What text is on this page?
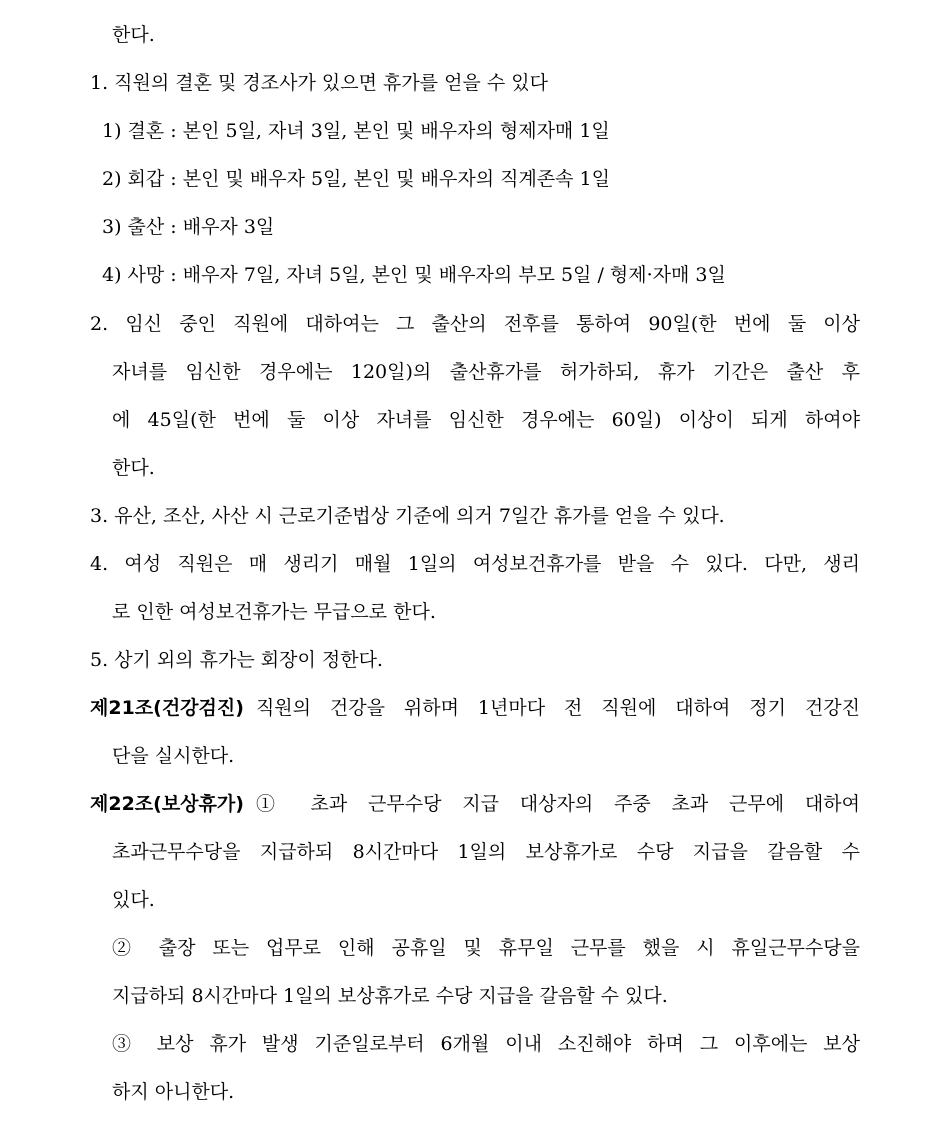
한다.
1. 직원의 결혼 및 경조사가 있으면 휴가를 얻을 수 있다
1) 결혼 : 본인 5일, 자녀 3일, 본인 및 배우자의 형제자매 1일
2) 회갑 : 본인 및 배우자 5일, 본인 및 배우자의 직계존속 1일
3) 출산 : 배우자 3일
4) 사망 : 배우자 7일, 자녀 5일, 본인 및 배우자의 부모 5일 / 형제·자매 3일
2. 임신 중인 직원에 대하여는 그 출산의 전후를 통하여 90일(한 번에 둘 이상
자녀를 임신한 경우에는 120일)의 출산휴가를 허가하되, 휴가 기간은 출산 후
에 45일(한 번에 둘 이상 자녀를 임신한 경우에는 60일) 이상이 되게 하여야
한다.
3. 유산, 조산, 사산 시 근로기준법상 기준에 의거 7일간 휴가를 얻을 수 있다.
4. 여성 직원은 매 생리기 매월 1일의 여성보건휴가를 받을 수 있다. 다만, 생리
로 인한 여성보건휴가는 무급으로 한다.
5. 상기 외의 휴가는 회장이 정한다.
제21조(건강검진) 직원의 건강을 위하며 1년마다 전 직원에 대하여 정기 건강진
단을 실시한다.
제22조(보상휴가) ① 초과 근무수당 지급 대상자의 주중 초과 근무에 대하여
초과근무수당을 지급하되 8시간마다 1일의 보상휴가로 수당 지급을 갈음할 수
있다.
② 출장 또는 업무로 인해 공휴일 및 휴무일 근무를 했을 시 휴일근무수당을
지급하되 8시간마다 1일의 보상휴가로 수당 지급을 갈음할 수 있다.
③ 보상 휴가 발생 기준일로부터 6개월 이내 소진해야 하며 그 이후에는 보상
하지 아니한다.
